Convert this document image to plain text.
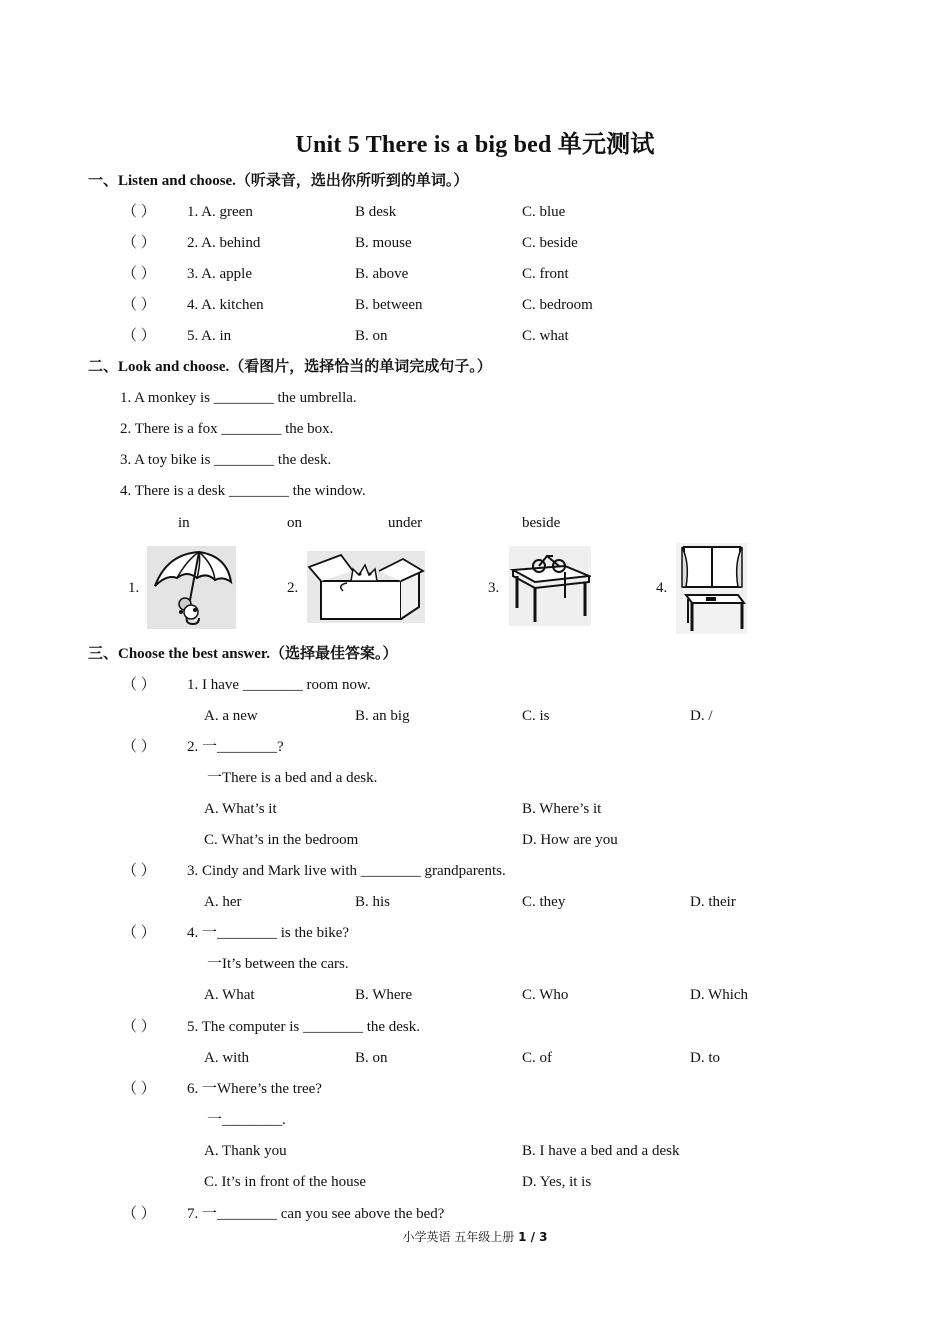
Unit 5 There is a big bed 单元测试
一、Listen and choose.（听录音，选出你所听到的单词。）
（ ） 1. A. green	B desk	C. blue
（ ） 2. A. behind	B. mouse	C. beside
（ ） 3. A. apple	B. above	C. front
（ ） 4. A. kitchen	B. between	C. bedroom
（ ） 5. A. in	B. on	C. what
二、Look and choose.（看图片，选择恰当的单词完成句子。）
1. A monkey is ________ the umbrella.
2. There is a fox ________ the box.
3. A toy bike is ________ the desk.
4. There is a desk ________ the window.
in	on	under	beside
1.	2.	3.	4.
三、Choose the best answer.（选择最佳答案。）
（ ） 1. I have ________ room now.
A. a new	B. an big	C. is	D. /
（ ） 2. 一________?
一There is a bed and a desk.
A. What’s it	B. Where’s it
C. What’s in the bedroom	D. How are you
（ ） 3. Cindy and Mark live with ________ grandparents.
A. her	B. his	C. they	D. their
（ ） 4. 一________ is the bike?
一It’s between the cars.
A. What	B. Where	C. Who	D. Which
（ ） 5. The computer is ________ the desk.
A. with	B. on	C. of	D. to
（ ） 6. 一Where’s the tree?
一________.
A. Thank you	B. I have a bed and a desk
C. It’s in front of the house	D. Yes, it is
（ ） 7. 一________ can you see above the bed?
小学英语 五年级上册 1 / 3
